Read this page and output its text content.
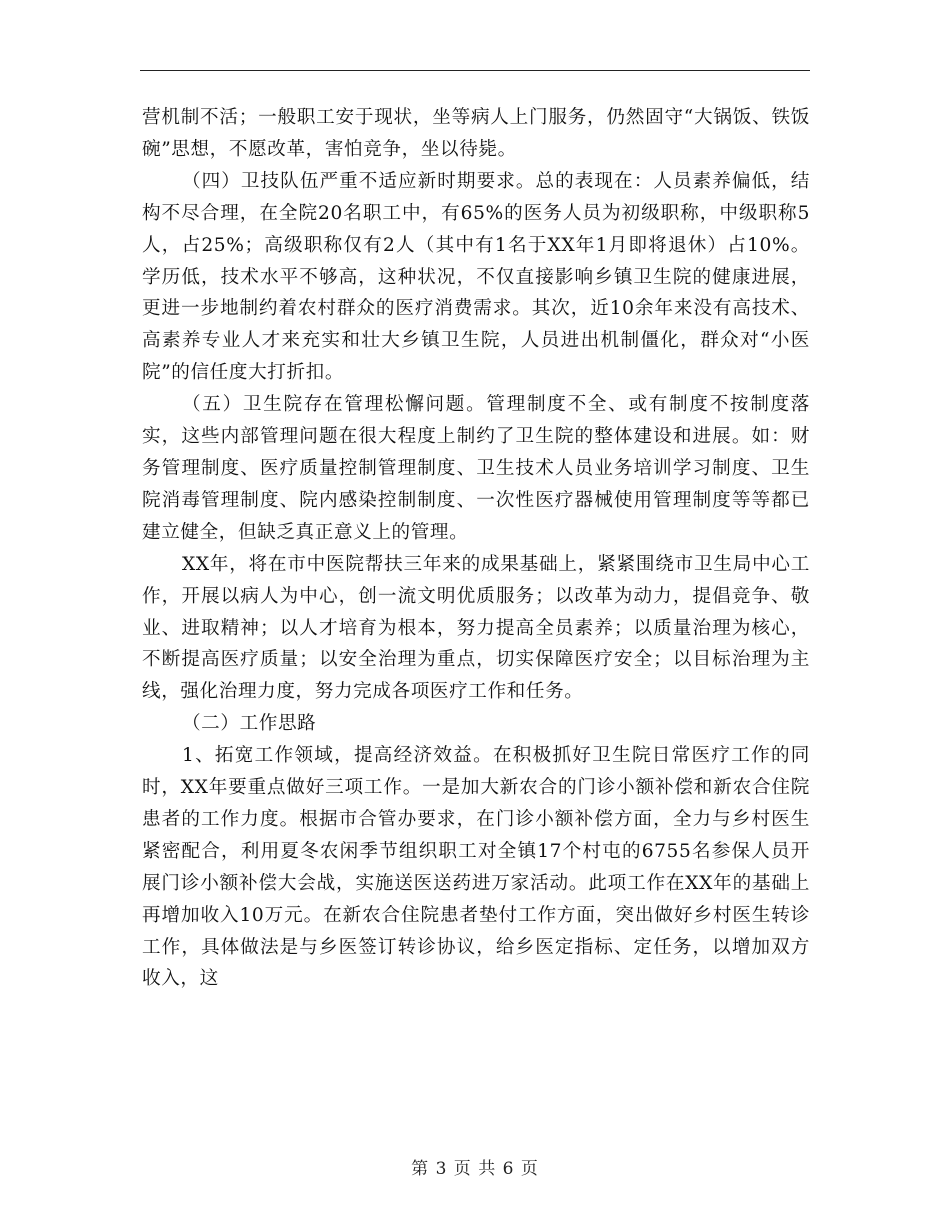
营机制不活；一般职工安于现状，坐等病人上门服务，仍然固守“大锅饭、铁饭碗”思想，不愿改革，害怕竞争，坐以待毙。

（四）卫技队伍严重不适应新时期要求。总的表现在：人员素养偏低，结构不尽合理，在全院20名职工中，有65%的医务人员为初级职称，中级职称5人，占25%；高级职称仅有2人（其中有1名于XX年1月即将退休）占10%。学历低，技术水平不够高，这种状况，不仅直接影响乡镇卫生院的健康进展，更进一步地制约着农村群众的医疗消费需求。其次，近10余年来没有高技术、高素养专业人才来充实和壮大乡镇卫生院，人员进出机制僵化，群众对“小医院”的信任度大打折扣。

（五）卫生院存在管理松懈问题。管理制度不全、或有制度不按制度落实，这些内部管理问题在很大程度上制约了卫生院的整体建设和进展。如：财务管理制度、医疗质量控制管理制度、卫生技术人员业务培训学习制度、卫生院消毒管理制度、院内感染控制制度、一次性医疗器械使用管理制度等等都已建立健全，但缺乏真正意义上的管理。

XX年，将在市中医院帮扶三年来的成果基础上，紧紧围绕市卫生局中心工作，开展以病人为中心，创一流文明优质服务；以改革为动力，提倡竞争、敬业、进取精神；以人才培育为根本，努力提高全员素养；以质量治理为核心，不断提高医疗质量；以安全治理为重点，切实保障医疗安全；以目标治理为主线，强化治理力度，努力完成各项医疗工作和任务。

（二）工作思路

1、拓宽工作领域，提高经济效益。在积极抓好卫生院日常医疗工作的同时，XX年要重点做好三项工作。一是加大新农合的门诊小额补偿和新农合住院患者的工作力度。根据市合管办要求，在门诊小额补偿方面，全力与乡村医生紧密配合，利用夏冬农闲季节组织职工对全镇17个村屯的6755名参保人员开展门诊小额补偿大会战，实施送医送药进万家活动。此项工作在XX年的基础上再增加收入10万元。在新农合住院患者垫付工作方面，突出做好乡村医生转诊工作，具体做法是与乡医签订转诊协议，给乡医定指标、定任务，以增加双方收入，这

第 3 页 共 6 页
